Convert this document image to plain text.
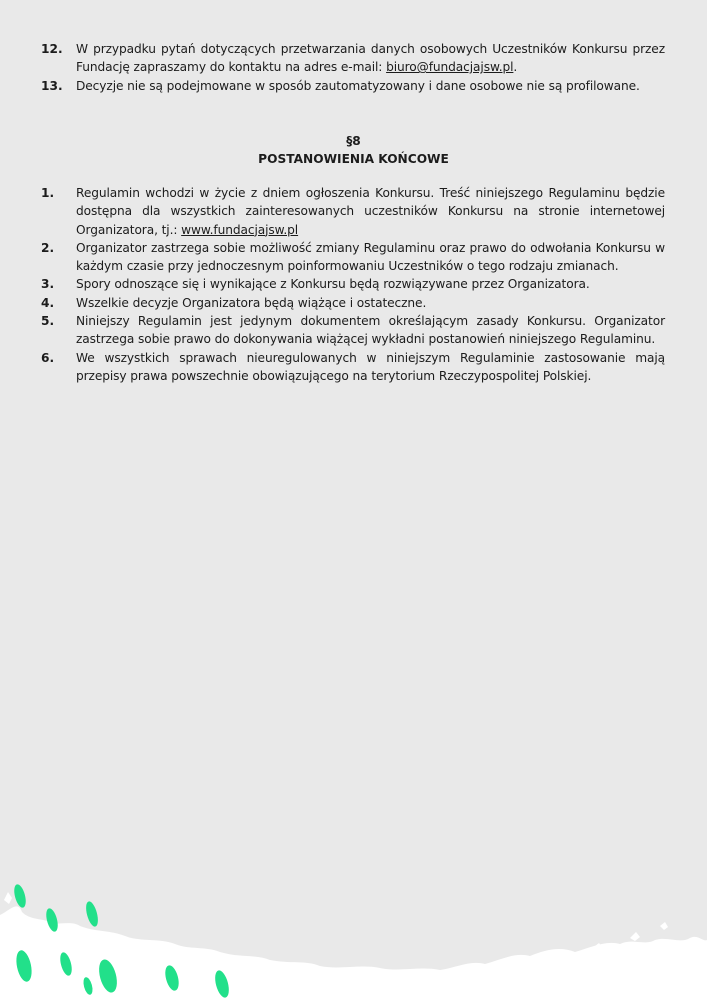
12.	W przypadku pytań dotyczących przetwarzania danych osobowych Uczestników Konkursu przez Fundację zapraszamy do kontaktu na adres e-mail: biuro@fundacjajsw.pl.
13.	Decyzje nie są podejmowane w sposób zautomatyzowany i dane osobowe nie są profilowane.
§8
POSTANOWIENIA KOŃCOWE
1.	Regulamin wchodzi w życie z dniem ogłoszenia Konkursu. Treść niniejszego Regulaminu będzie dostępna dla wszystkich zainteresowanych uczestników Konkursu na stronie internetowej Organizatora, tj.: www.fundacjajsw.pl
2.	Organizator zastrzega sobie możliwość zmiany Regulaminu oraz prawo do odwołania Konkursu w każdym czasie przy jednoczesnym poinformowaniu Uczestników o tego rodzaju zmianach.
3.	Spory odnoszące się i wynikające z Konkursu będą rozwiązywane przez Organizatora.
4.	Wszelkie decyzje Organizatora będą wiążące i ostateczne.
5.	Niniejszy Regulamin jest jedynym dokumentem określającym zasady Konkursu. Organizator zastrzega sobie prawo do dokonywania wiążącej wykładni postanowień niniejszego Regulaminu.
6.	We wszystkich sprawach nieuregulowanych w niniejszym Regulaminie zastosowanie mają przepisy prawa powszechnie obowiązującego na terytorium Rzeczypospolitej Polskiej.
